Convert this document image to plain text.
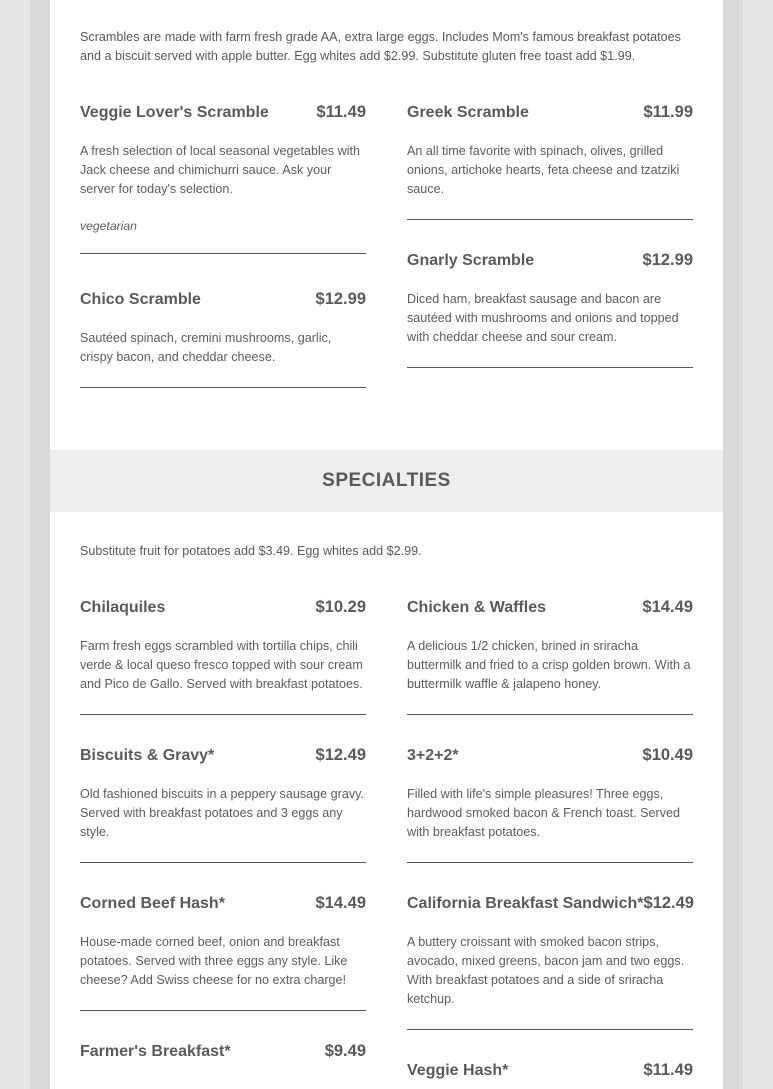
Scrambles are made with farm fresh grade AA, extra large eggs. Includes Mom's famous breakfast potatoes and a biscuit served with apple butter. Egg whites add $2.99. Substitute gluten free toast add $1.99.

Veggie Lover's Scramble	$11.49

A fresh selection of local seasonal vegetables with Jack cheese and chimichurri sauce. Ask your server for today's selection.

vegetarian

Greek Scramble	$11.99

An all time favorite with spinach, olives, grilled onions, artichoke hearts, feta cheese and tzatziki sauce.

Gnarly Scramble	$12.99

Diced ham, breakfast sausage and bacon are sautéed with mushrooms and onions and topped with cheddar cheese and sour cream.

Chico Scramble	$12.99

Sautéed spinach, cremini mushrooms, garlic, crispy bacon, and cheddar cheese.

SPECIALTIES

Substitute fruit for potatoes add $3.49. Egg whites add $2.99.

Chilaquiles	$10.29

Farm fresh eggs scrambled with tortilla chips, chili verde & local queso fresco topped with sour cream and Pico de Gallo. Served with breakfast potatoes.

Chicken & Waffles	$14.49

A delicious 1/2 chicken, brined in sriracha buttermilk and fried to a crisp golden brown. With a buttermilk waffle & jalapeno honey.

Biscuits & Gravy*	$12.49

Old fashioned biscuits in a peppery sausage gravy. Served with breakfast potatoes and 3 eggs any style.

3+2+2*	$10.49

Filled with life's simple pleasures! Three eggs, hardwood smoked bacon & French toast. Served with breakfast potatoes.

Corned Beef Hash*	$14.49

House-made corned beef, onion and breakfast potatoes. Served with three eggs any style. Like cheese? Add Swiss cheese for no extra charge!

California Breakfast Sandwich* $12.49

A buttery croissant with smoked bacon strips, avocado, mixed greens, bacon jam and two eggs. With breakfast potatoes and a side of sriracha ketchup.

Farmer's Breakfast*	$9.49
Veggie Hash*	$11.49
